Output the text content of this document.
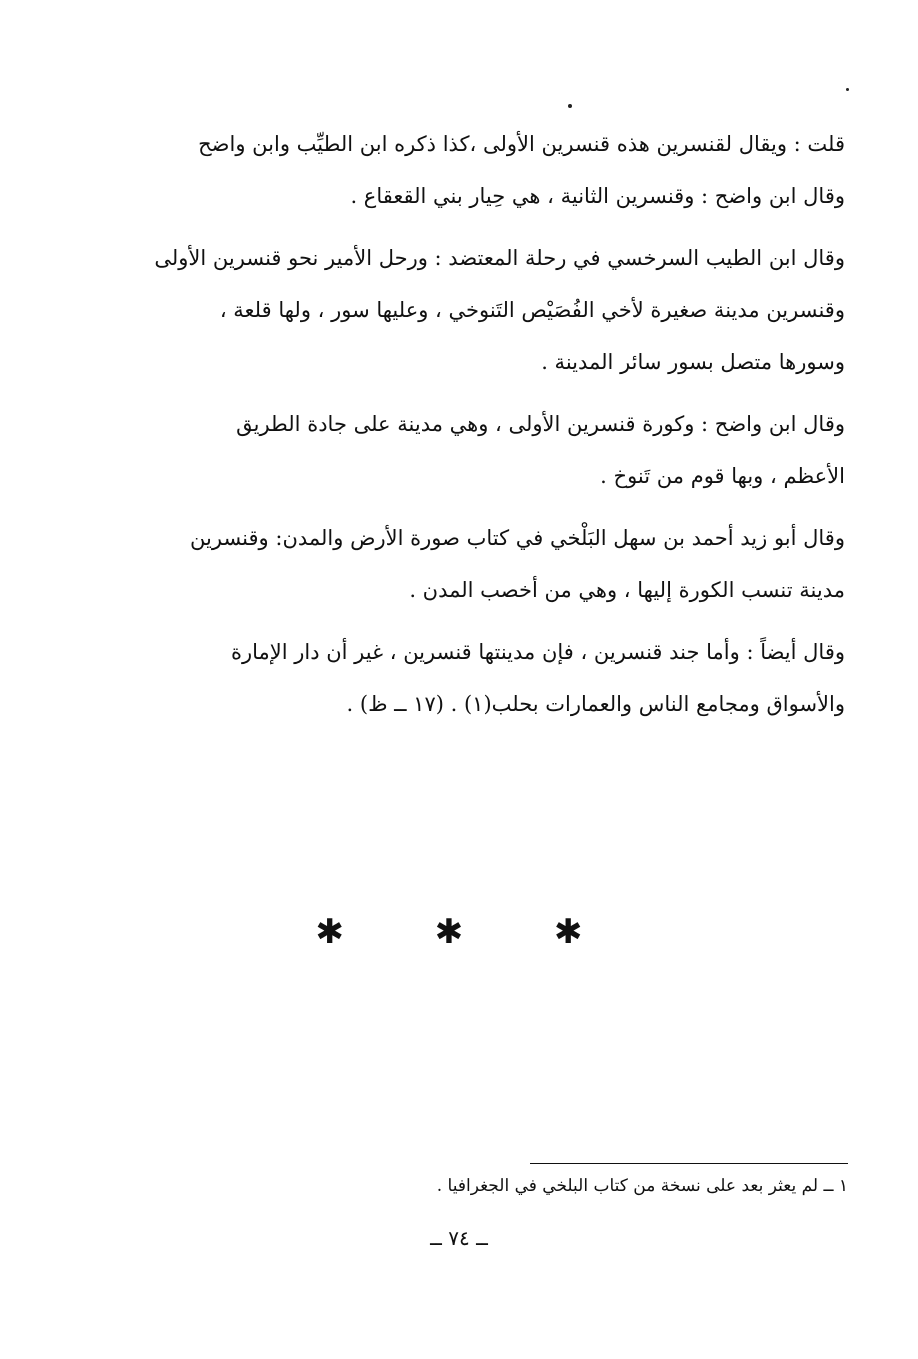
قلت : ويقال لقنسرين هذه قنسرين الأولى ،كذا ذكره ابن الطيِّب وابن واضح
وقال ابن واضح : وقنسرين الثانية ، هي حِيار بني القعقاع .

وقال ابن الطيب السرخسي في رحلة المعتضد : ورحل الأمير نحو قنسرين الأولى
وقنسرين مدينة صغيرة لأخي الفُصَيْص التَنوخي ، وعليها سور ، ولها قلعة ،
وسورها متصل بسور سائر المدينة .

وقال ابن واضح : وكورة قنسرين الأولى ، وهي مدينة على جادة الطريق
الأعظم ، وبها قوم من تَنوخ .

وقال أبو زيد أحمد بن سهل البَلْخي في كتاب صورة الأرض والمدن: وقنسرين
مدينة تنسب الكورة إليها ، وهي من أخصب المدن .

وقال أيضاً : وأما جند قنسرين ، فإن مدينتها قنسرين ، غير أن دار الإمارة
والأسواق ومجامع الناس والعمارات بحلب(١) . (١٧ ــ ظ) .

✱ ✱ ✱
١ ــ لم يعثر بعد على نسخة من كتاب البلخي في الجغرافيا .
ــ ٧٤ ــ
